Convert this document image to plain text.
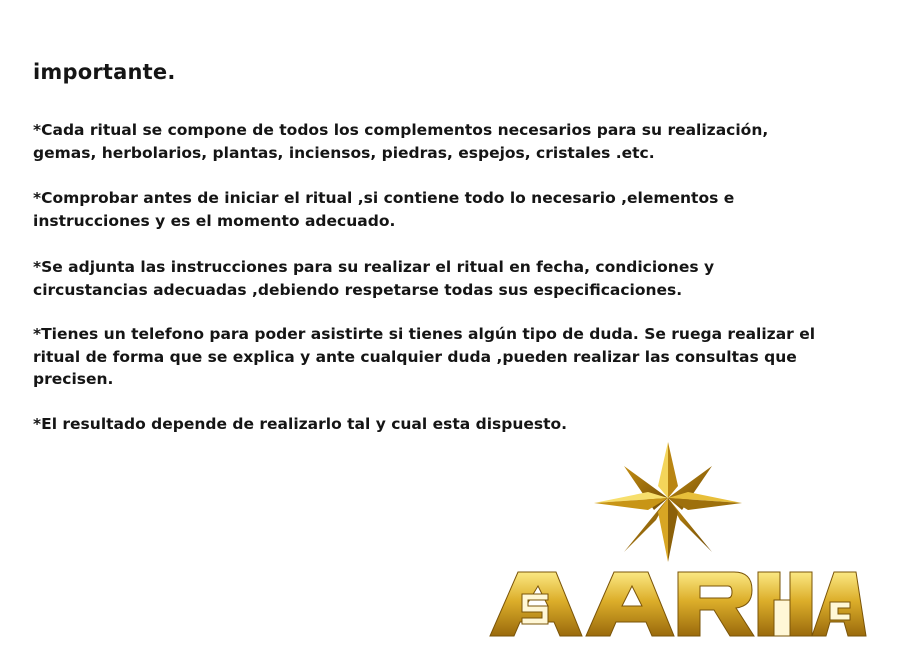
importante.
*Cada ritual se compone de todos los complementos necesarios para su realización,
gemas, herbolarios, plantas, inciensos, piedras, espejos, cristales .etc.
*Comprobar antes de iniciar el ritual ,si contiene todo lo necesario ,elementos e
instrucciones y es el momento adecuado.
*Se adjunta las instrucciones para su realizar el ritual en fecha, condiciones y
circustancias adecuadas ,debiendo respetarse todas sus especificaciones.
*Tienes un telefono para poder asistirte si tienes algún tipo de duda. Se ruega realizar el
ritual de forma que se explica y ante cualquier duda ,pueden realizar las consultas que
precisen.
*El resultado depende de realizarlo tal y cual esta dispuesto.
